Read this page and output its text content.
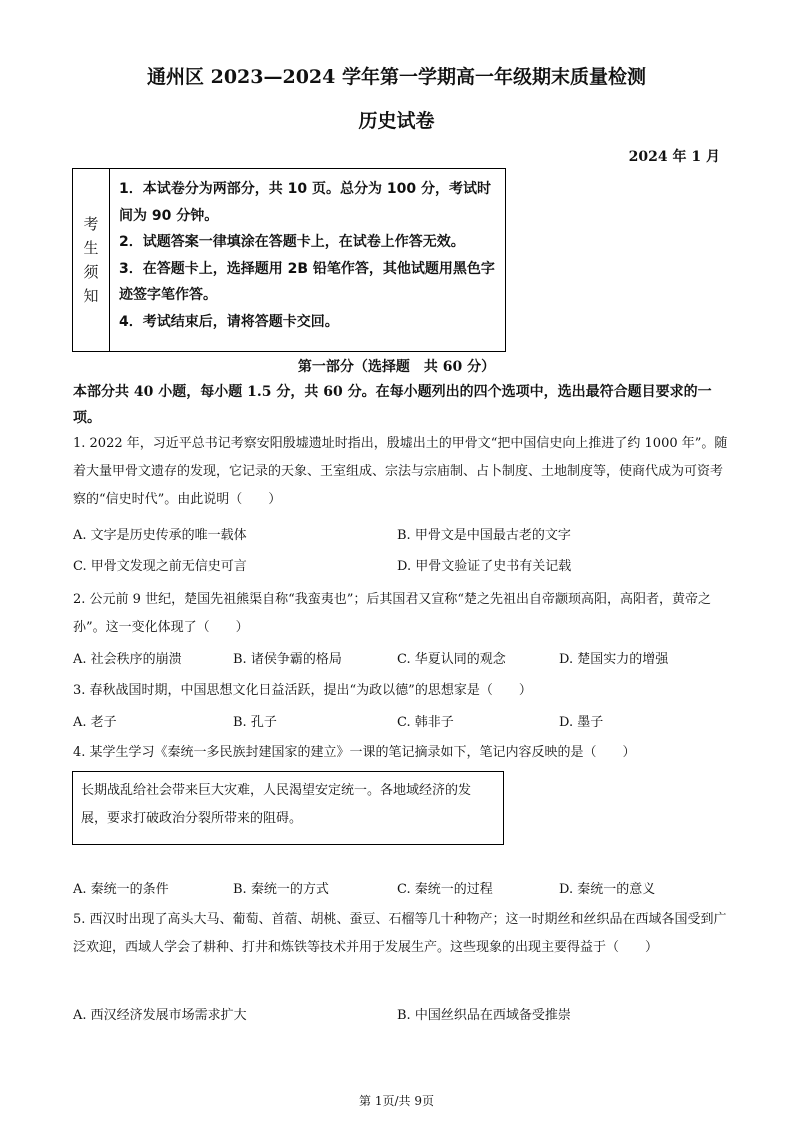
通州区 2023—2024 学年第一学期高一年级期末质量检测
历史试卷
2024 年 1 月
考
生
须
知
1．本试卷分为两部分，共 10 页。总分为 100 分，考试时间为 90 分钟。
2．试题答案一律填涂在答题卡上，在试卷上作答无效。
3．在答题卡上，选择题用 2B 铅笔作答，其他试题用黑色字迹签字笔作答。
4．考试结束后，请将答题卡交回。
第一部分（选择题　共 60 分）
本部分共 40 小题，每小题 1.5 分，共 60 分。在每小题列出的四个选项中，选出最符合题目要求的一项。
1. 2022 年，习近平总书记考察安阳殷墟遗址时指出，殷墟出土的甲骨文“把中国信史向上推进了约 1000 年”。随着大量甲骨文遗存的发现，它记录的天象、王室组成、宗法与宗庙制、占卜制度、土地制度等，使商代成为可资考察的“信史时代”。由此说明（　　）
A. 文字是历史传承的唯一载体	B. 甲骨文是中国最古老的文字
C. 甲骨文发现之前无信史可言	D. 甲骨文验证了史书有关记载
2. 公元前 9 世纪，楚国先祖熊渠自称“我蛮夷也”；后其国君又宣称“楚之先祖出自帝颛顼高阳，高阳者，黄帝之孙”。这一变化体现了（　　）
A. 社会秩序的崩溃	B. 诸侯争霸的格局	C. 华夏认同的观念	D. 楚国实力的增强
3. 春秋战国时期，中国思想文化日益活跃，提出“为政以德”的思想家是（　　）
A. 老子	B. 孔子	C. 韩非子	D. 墨子
4. 某学生学习《秦统一多民族封建国家的建立》一课的笔记摘录如下，笔记内容反映的是（　　）
长期战乱给社会带来巨大灾难，人民渴望安定统一。各地域经济的发展，要求打破政治分裂所带来的阻碍。
A. 秦统一的条件	B. 秦统一的方式	C. 秦统一的过程	D. 秦统一的意义
5. 西汉时出现了高头大马、葡萄、首蓿、胡桃、蚕豆、石榴等几十种物产；这一时期丝和丝织品在西域各国受到广泛欢迎，西域人学会了耕种、打井和炼铁等技术并用于发展生产。这些现象的出现主要得益于（　　）
A. 西汉经济发展市场需求扩大	B. 中国丝织品在西域备受推崇
第 1页/共 9页
